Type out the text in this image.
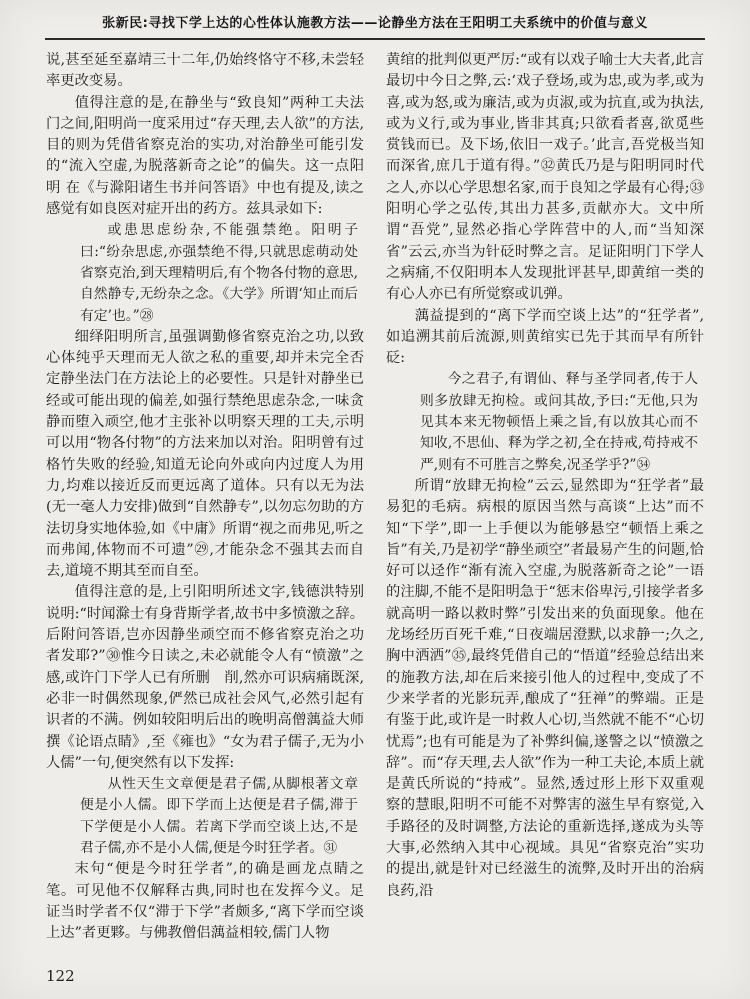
张新民:寻找下学上达的心性体认施教方法——论静坐方法在王阳明工夫系统中的价值与意义

说,甚至延至嘉靖三十二年,仍始终恪守不移,未尝轻率更改变易。

值得注意的是,在静坐与“致良知”两种工夫法门之间,阳明尚一度采用过“存天理,去人欲”的方法,目的则为凭借省察克治的实功,对治静坐可能引发的“流入空虚,为脱落新奇之论”的偏失。这一点阳明 在《与滁阳诸生书并问答语》中也有提及,读之感觉有如良医对症开出的药方。兹具录如下:

或患思虑纷杂,不能强禁绝。阳明子曰:“纷杂思虑,亦强禁绝不得,只就思虑萌动处省察克治,到天理精明后,有个物各付物的意思,自然静专,无纷杂之念。《大学》所谓‘知止而后有定’也。”㉘

细绎阳明所言,虽强调勤修省察克治之功,以致心体纯乎天理而无人欲之私的重要,却并未完全否定静坐法门在方法论上的必要性。只是针对静坐已经或可能出现的偏差,如强行禁绝思虑杂念,一味贪静而堕入顽空,他才主张补以明察天理的工夫,示明可以用“物各付物”的方法来加以对治。阳明曾有过格竹失败的经验,知道无论向外或向内过度人为用力,均难以接近反而更远离了道体。只有以无为法(无一毫人力安排)做到“自然静专”,以勿忘勿助的方法切身实地体验,如《中庸》所谓“视之而弗见,听之而弗闻,体物而不可遗”㉙,才能杂念不强其去而自去,道境不期其至而自至。

值得注意的是,上引阳明所述文字,钱德洪特别说明:“时闻滁士有身背斯学者,故书中多愤激之辞。后附问答语,岂亦因静坐顽空而不修省察克治之功者发耶?”㉚惟今日读之,未必就能令人有“愤激”之感,或许门下学人已有所删　削,然亦可识病痛既深,必非一时偶然现象,俨然已成社会风气,必然引起有识者的不满。例如较阳明后出的晚明高僧蕅益大师撰《论语点睛》,至《雍也》“女为君子儒子,无为小人儒”一句,便突然有以下发挥:

从性天生文章便是君子儒,从脚根著文章便是小人儒。即下学而上达便是君子儒,滞于下学便是小人儒。若离下学而空谈上达,不是君子儒,亦不是小人儒,便是今时狂学者。㉛

末句“便是今时狂学者”,的确是画龙点睛之笔。可见他不仅解释古典,同时也在发挥今义。足证当时学者不仅“滞于下学”者颇多,“离下学而空谈上达”者更夥。与佛教僧侣蕅益相较,儒门人物

黄绾的批判似更严厉:“或有以戏子喻士大夫者,此言最切中今日之弊,云:‘戏子登场,或为忠,或为孝,或为喜,或为怒,或为廉洁,或为贞淑,或为抗直,或为执法,或为义行,或为事业,皆非其真;只欲看者喜,欲觅些赏钱而已。及下场,依旧一戏子。’此言,吾党极当知而深省,庶几于道有得。”㉜黄氏乃是与阳明同时代之人,亦以心学思想名家,而于良知之学最有心得;㉝阳明心学之弘传,其出力甚多,贡献亦大。文中所谓“吾党”,显然必指心学阵营中的人,而“当知深省”云云,亦当为针砭时弊之言。足证阳明门下学人之病痛,不仅阳明本人发现批评甚早,即黄绾一类的有心人亦已有所觉察或讥弹。

蕅益提到的“离下学而空谈上达”的“狂学者”,如追溯其前后流源,则黄绾实已先于其而早有所针砭:

今之君子,有谓仙、释与圣学同者,传于人则多放肆无拘检。或问其故,予曰:“无他,只为见其本来无物顿悟上乘之旨,有以放其心而不知收,不思仙、释为学之初,全在持戒,苟持戒不严,则有不可胜言之弊矣,况圣学乎?”㉞

所谓“放肆无拘检”云云,显然即为“狂学者”最易犯的毛病。病根的原因当然与高谈“上达”而不知“下学”,即一上手便以为能够悬空“顿悟上乘之旨”有关,乃是初学“静坐顽空”者最易产生的问题,恰好可以迳作“渐有流入空虚,为脱落新奇之论”一语的注脚,不能不是阳明急于“惩末俗卑污,引接学者多就高明一路以救时弊”引发出来的负面现象。他在龙场经历百死千难,“日夜端居澄默,以求静一;久之,胸中洒洒”㉟,最终凭借自己的“悟道”经验总结出来的施教方法,却在后来接引他人的过程中,变成了不少来学者的光影玩弄,酿成了“狂禅”的弊端。正是有鉴于此,或许是一时救人心切,当然就不能不“心切忧焉”;也有可能是为了补弊纠偏,遂警之以“愤激之辞”。而“存天理,去人欲”作为一种工夫论,本质上就是黄氏所说的“持戒”。显然,透过形上形下双重观察的慧眼,阳明不可能不对弊害的滋生早有察觉,入手路径的及时调整,方法论的重新选择,遂成为头等大事,必然纳入其中心视域。具见“省察克治”实功的提出,就是针对已经滋生的流弊,及时开出的治病良药,沿

122
